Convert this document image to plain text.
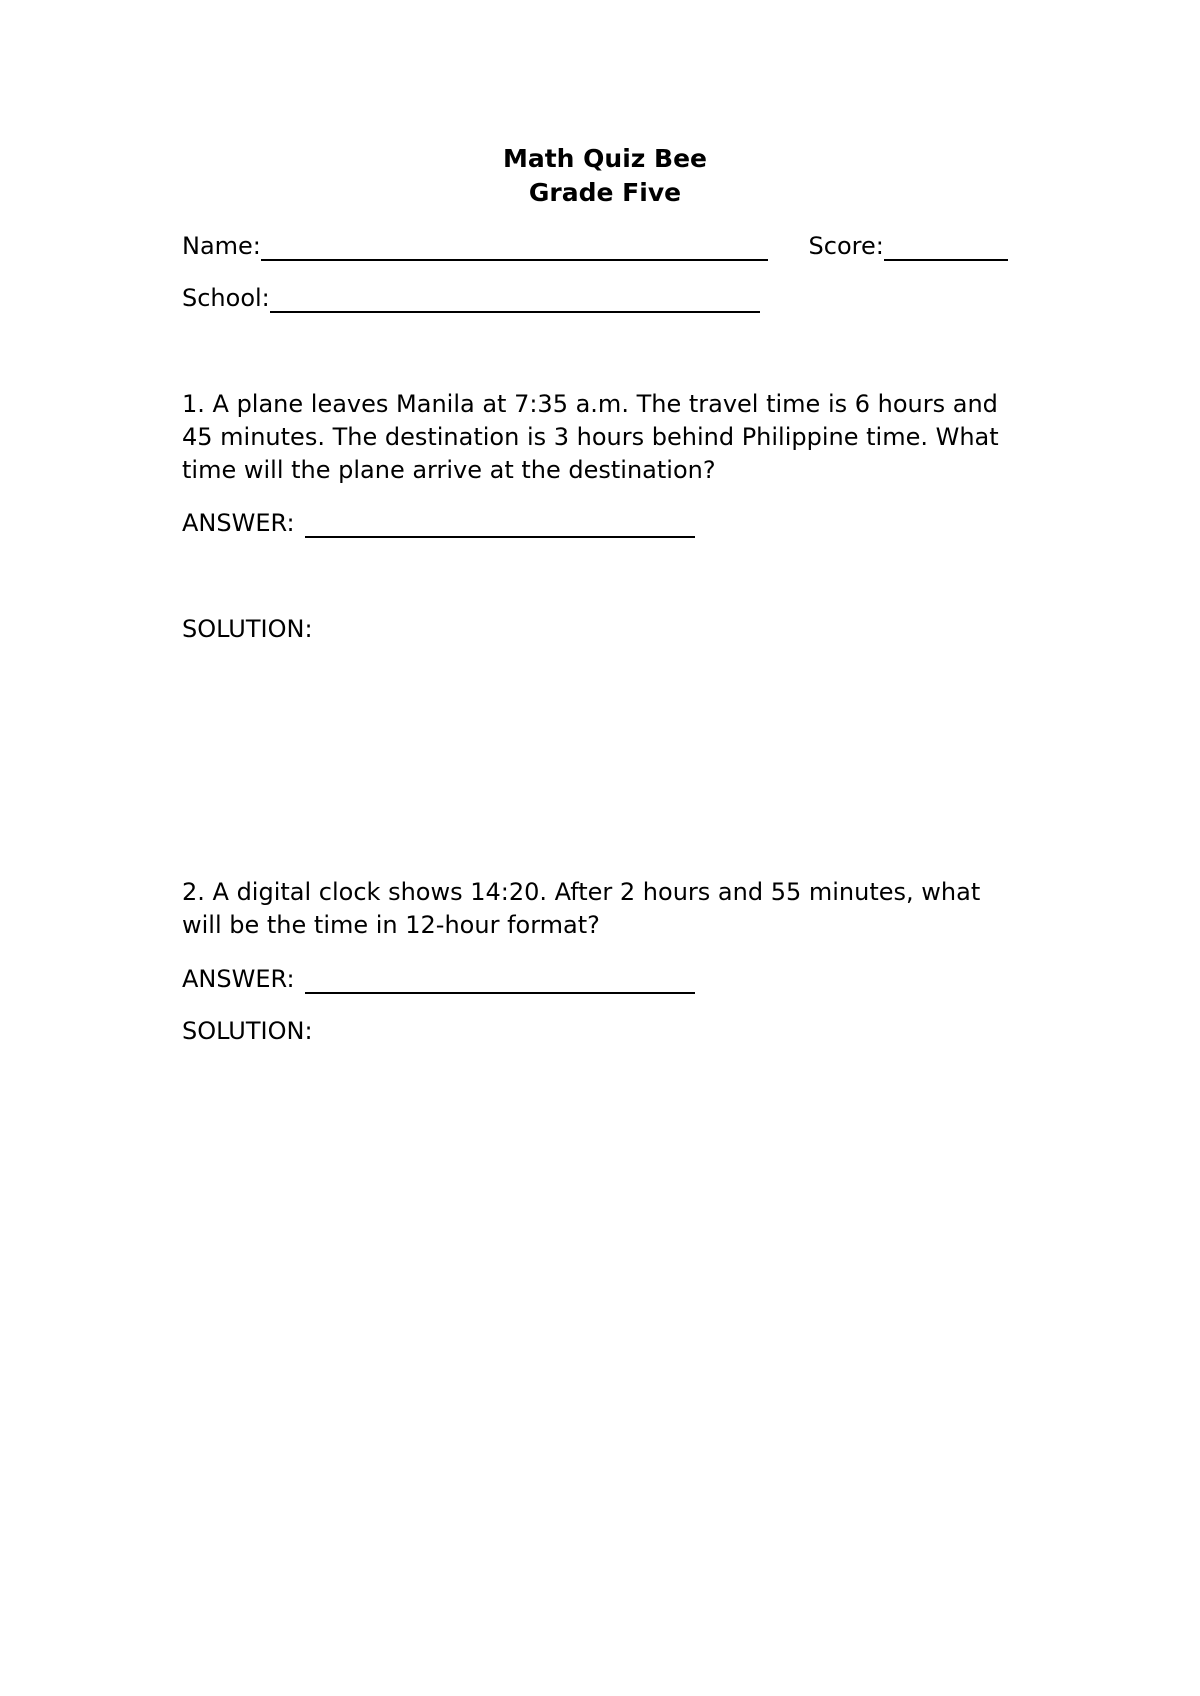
Math Quiz Bee
Grade Five
Name:	Score:
School:
1. A plane leaves Manila at 7:35 a.m. The travel time is 6 hours and 45 minutes. The destination is 3 hours behind Philippine time. What time will the plane arrive at the destination?
ANSWER:
SOLUTION:
2. A digital clock shows 14:20. After 2 hours and 55 minutes, what will be the time in 12-hour format?
ANSWER:
SOLUTION:
